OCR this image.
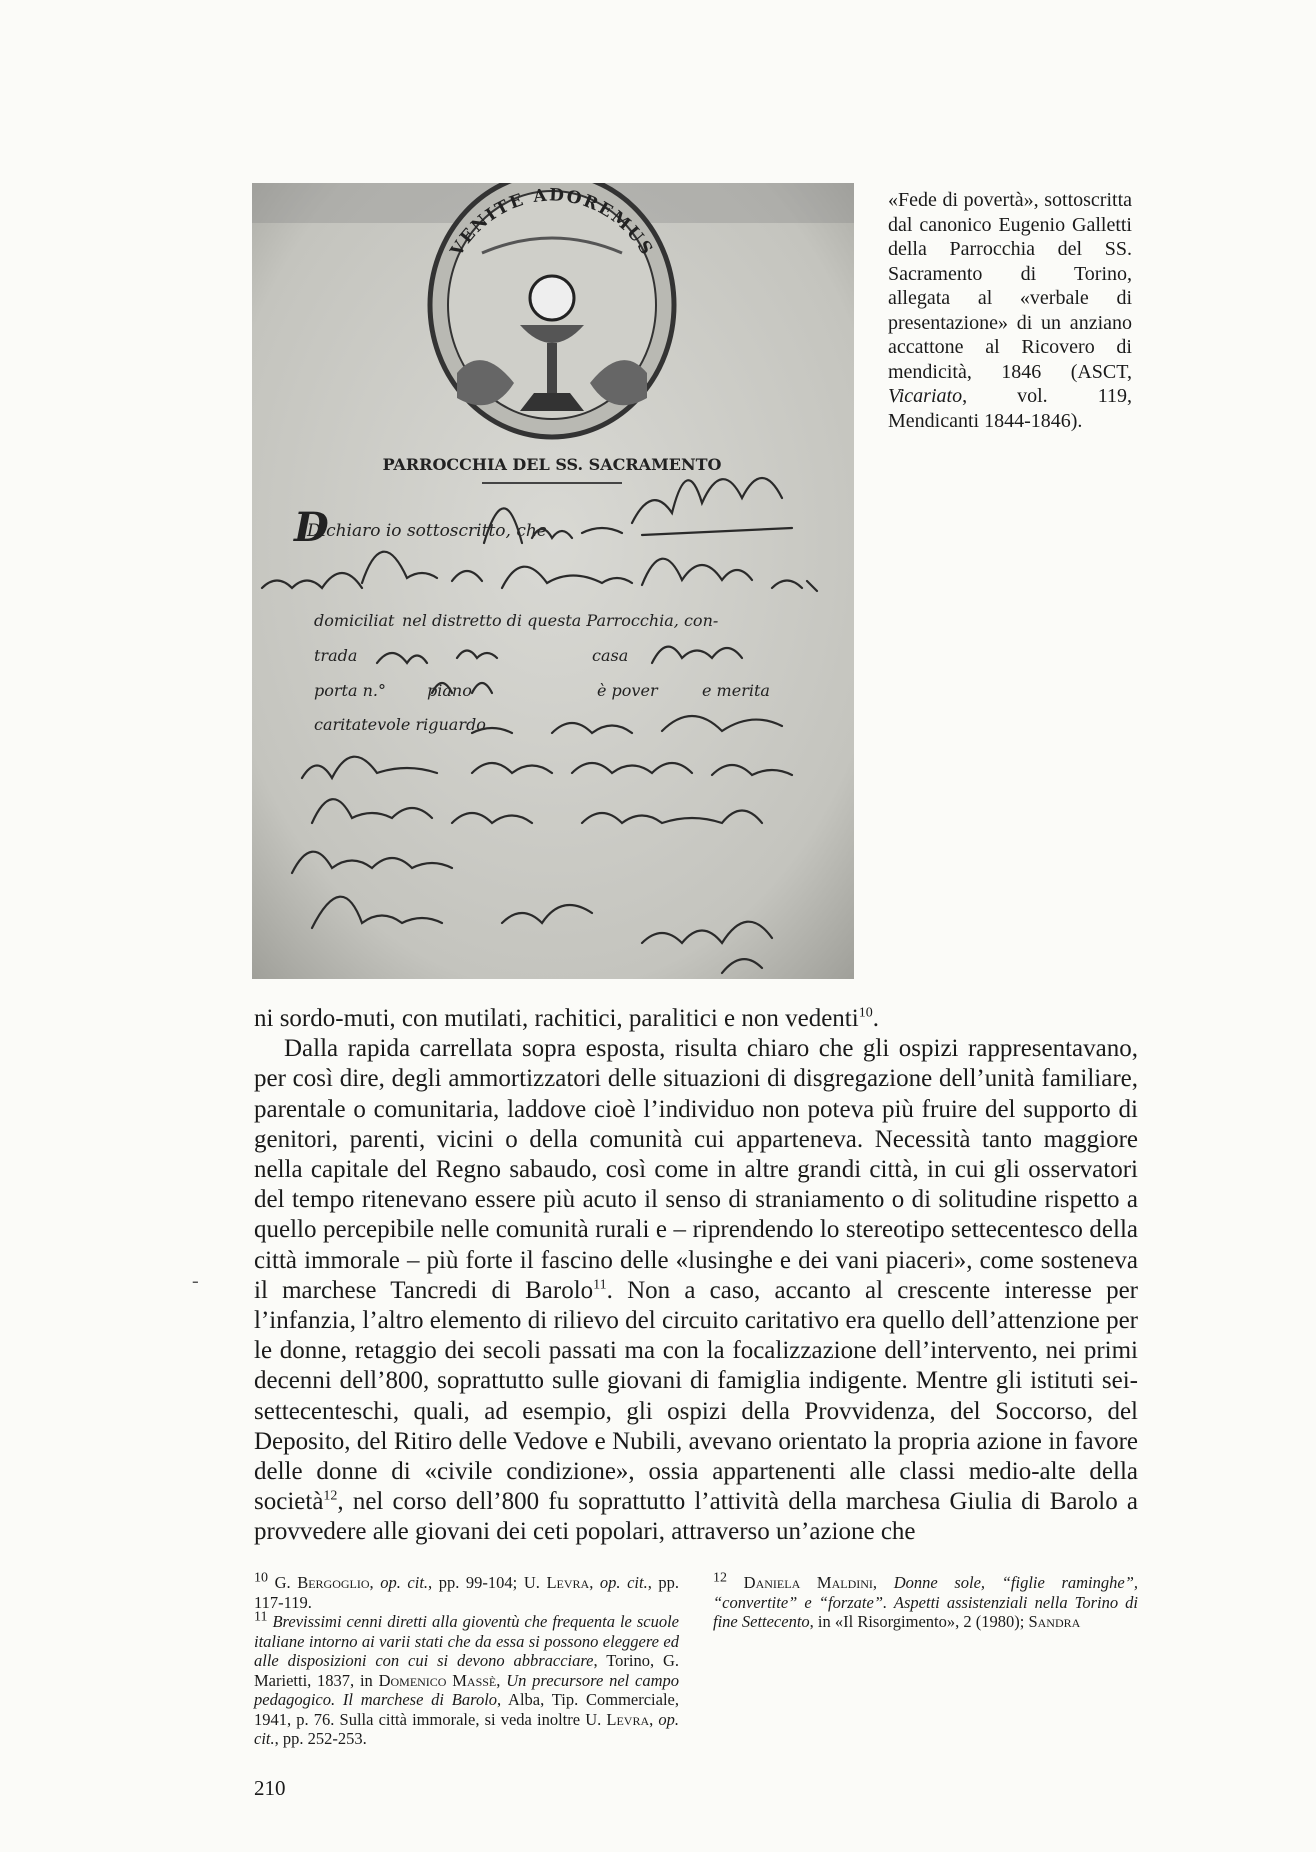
VENITE ADOREMUS
PARROCCHIA DEL SS. SACRAMENTO
Dichiaro io sottoscritto, che
domiciliat nel distretto di questa Parrocchia, con-
trada	casa
porta n.°	piano	è pover	e merita
caritatevole riguardo
D
«Fede di povertà», sottoscritta dal canonico Eugenio Galletti della Parrocchia del SS. Sacramento di Torino, allegata al «verbale di presentazione» di un anziano accattone al Ricovero di mendicità, 1846 (ASCT, Vicariato, vol. 119, Mendicanti 1844-1846).

ni sordo-muti, con mutilati, rachitici, paralitici e non vedenti$^{10}$.

Dalla rapida carrellata sopra esposta, risulta chiaro che gli ospizi rappresentavano, per così dire, degli ammortizzatori delle situazioni di disgregazione dell’unità familiare, parentale o comunitaria, laddove cioè l’individuo non poteva più fruire del supporto di genitori, parenti, vicini o della comunità cui apparteneva. Necessità tanto maggiore nella capitale del Regno sabaudo, così come in altre grandi città, in cui gli osservatori del tempo ritenevano essere più acuto il senso di straniamento o di solitudine rispetto a quello percepibile nelle comunità rurali e – riprendendo lo stereotipo settecentesco della città immorale – più forte il fascino delle «lusinghe e dei vani piaceri», come sosteneva il marchese Tancredi di Barolo$^{11}$. Non a caso, accanto al crescente interesse per l’infanzia, l’altro elemento di rilievo del circuito caritativo era quello dell’attenzione per le donne, retaggio dei secoli passati ma con la focalizzazione dell’intervento, nei primi decenni dell’800, soprattutto sulle giovani di famiglia indigente. Mentre gli istituti sei-settecenteschi, quali, ad esempio, gli ospizi della Provvidenza, del Soccorso, del Deposito, del Ritiro delle Vedove e Nubili, avevano orientato la propria azione in favore delle donne di «civile condizione», ossia appartenenti alle classi medio-alte della società$^{12}$, nel corso dell’800 fu soprattutto l’attività della marchesa Giulia di Barolo a provvedere alle giovani dei ceti popolari, attraverso un’azione che

-

$^{10}$ G. Bergoglio, op. cit., pp. 99-104; U. Levra, op. cit., pp. 117-119.

$^{11}$ Brevissimi cenni diretti alla gioventù che frequenta le scuole italiane intorno ai varii stati che da essa si possono eleggere ed alle disposizioni con cui si devono abbracciare, Torino, G. Marietti, 1837, in Domenico Massè, Un precursore nel campo pedagogico. Il marchese di Barolo, Alba, Tip. Commerciale, 1941, p. 76. Sulla città immorale, si veda inoltre U. Levra, op. cit., pp. 252-253.

$^{12}$ Daniela Maldini, Donne sole, “figlie raminghe”, “convertite” e “forzate”. Aspetti assistenziali nella Torino di fine Settecento, in «Il Risorgimento», 2 (1980); Sandra

210
